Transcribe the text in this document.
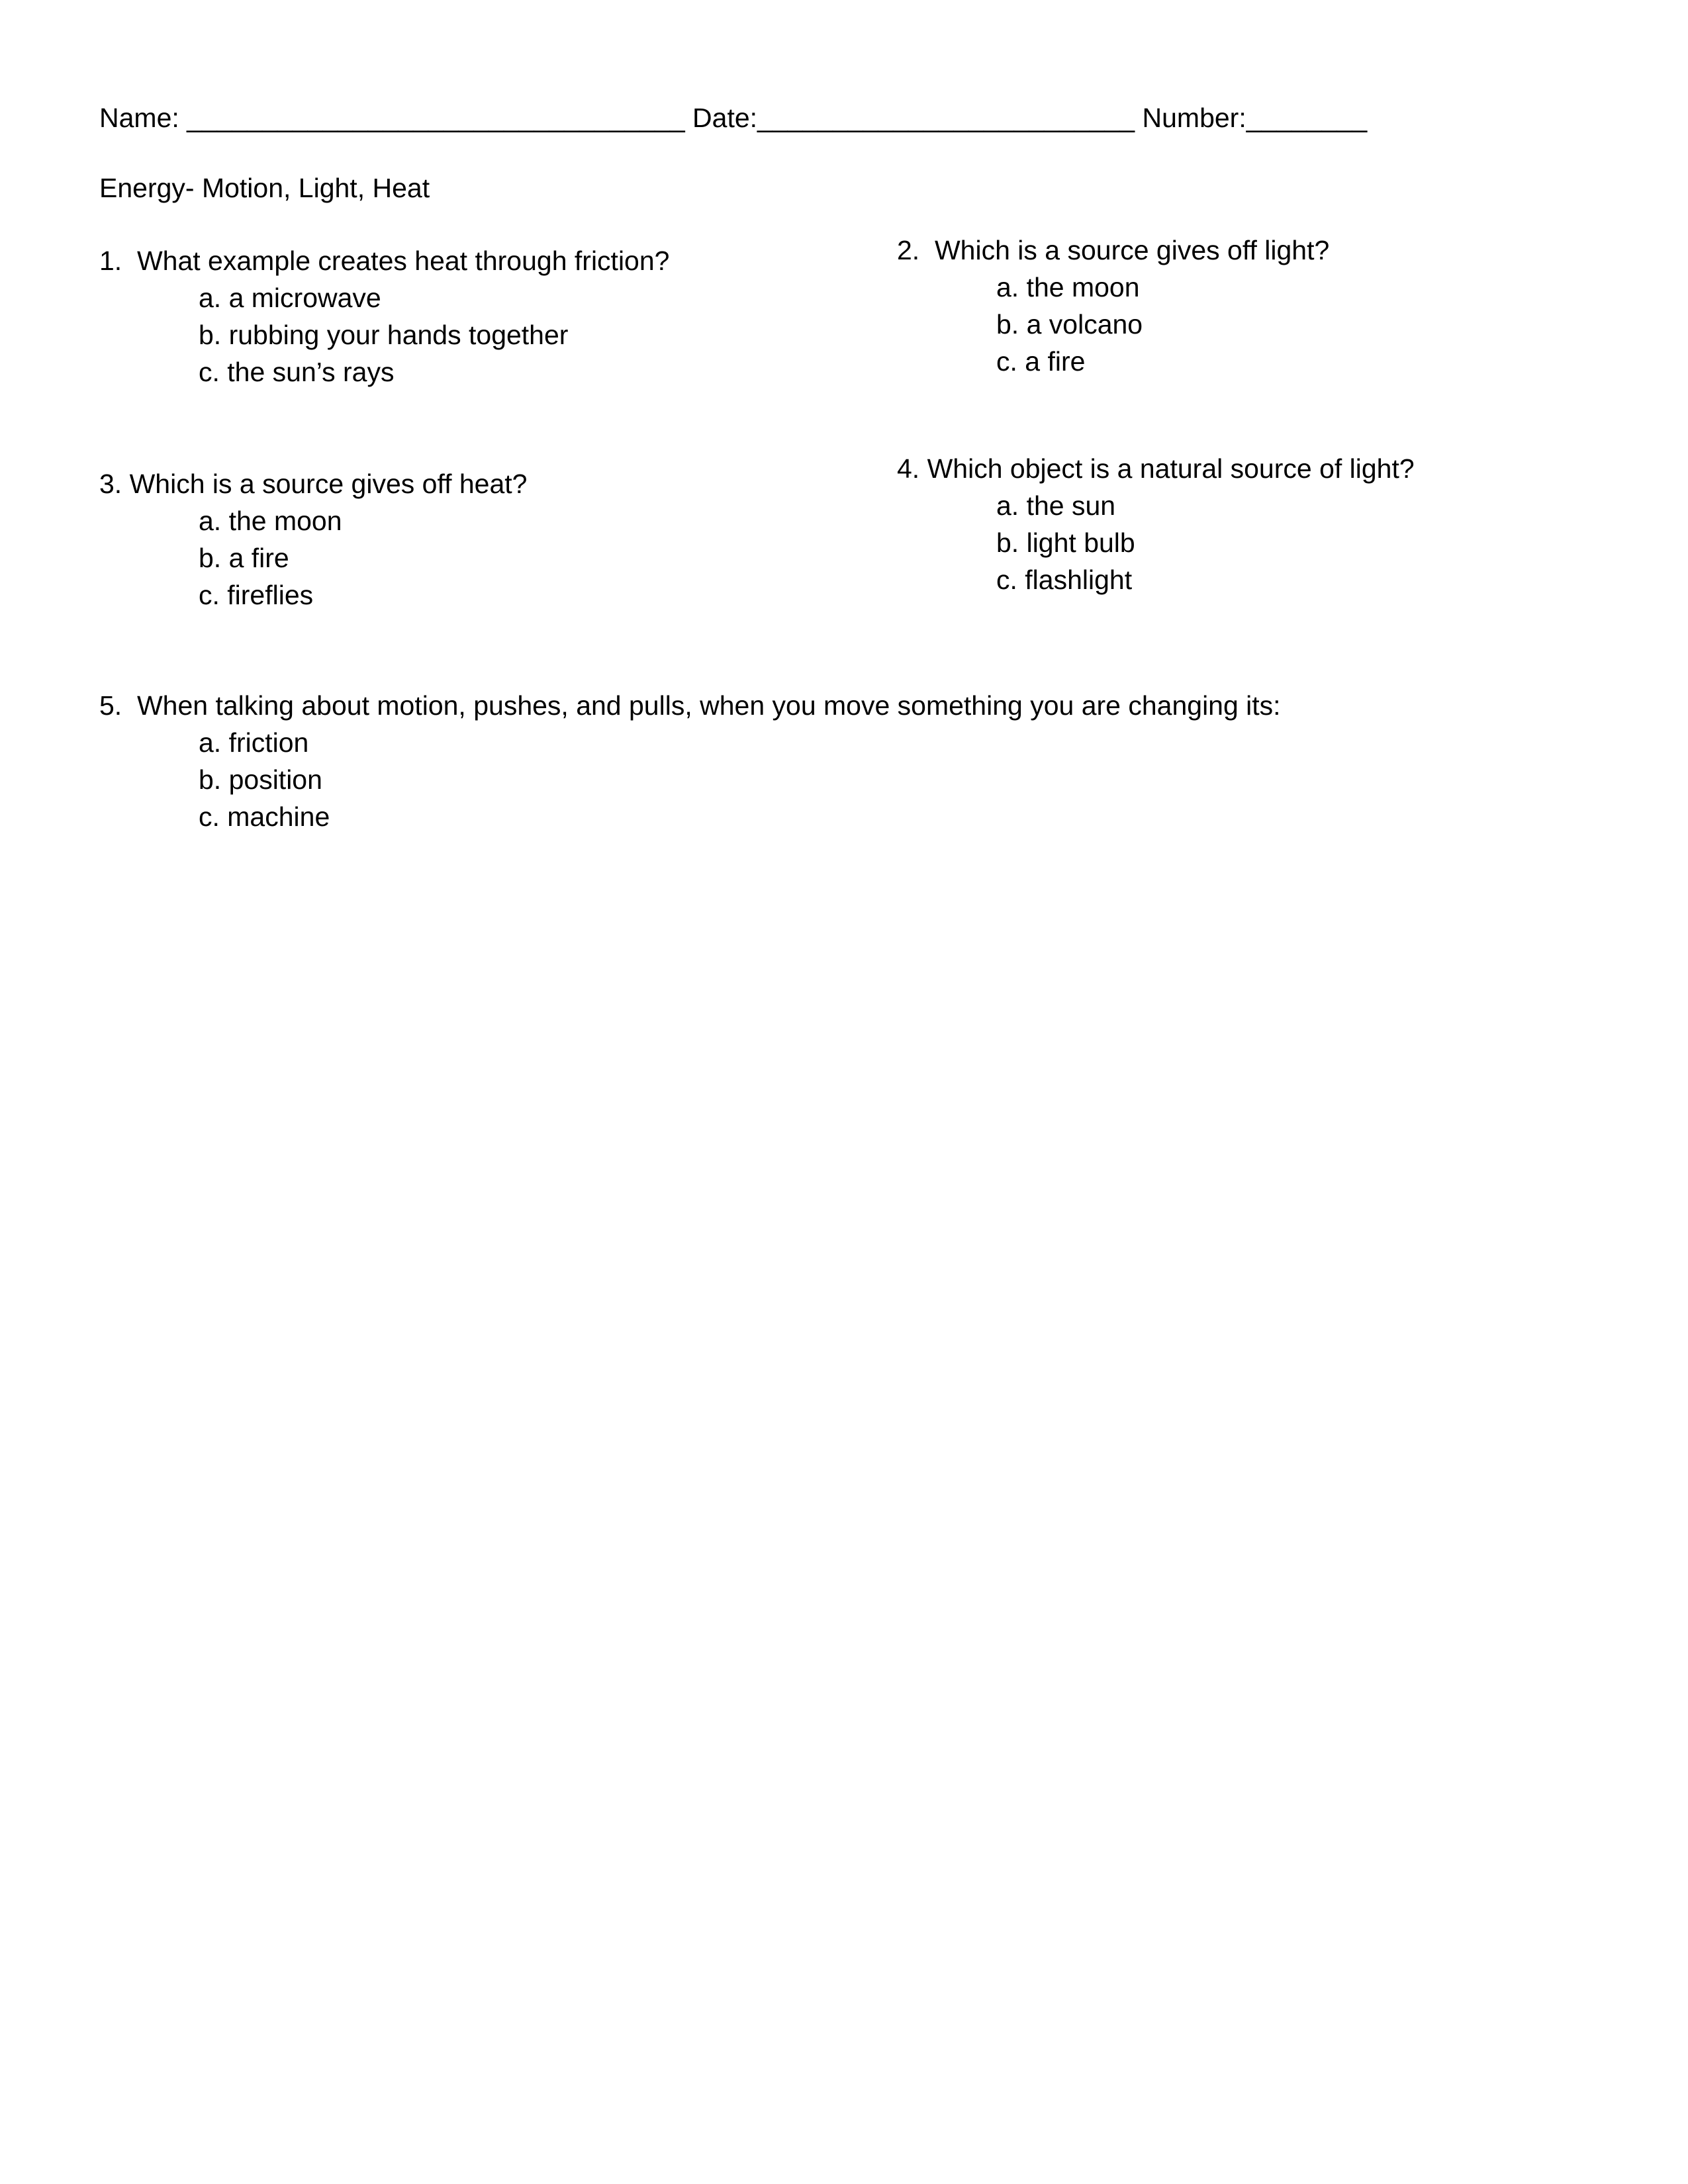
Name: _________________________________ Date:_________________________ Number:________
Energy- Motion, Light, Heat
1.  What example creates heat through friction?
a. a microwave
b. rubbing your hands together
c. the sun’s rays
2.  Which is a source gives off light?
a. the moon
b. a volcano
c. a fire
3. Which is a source gives off heat?
a. the moon
b. a fire
c. fireflies
4. Which object is a natural source of light?
a. the sun
b. light bulb
c. flashlight
5.  When talking about motion, pushes, and pulls, when you move something you are changing its:
a. friction
b. position
c. machine
